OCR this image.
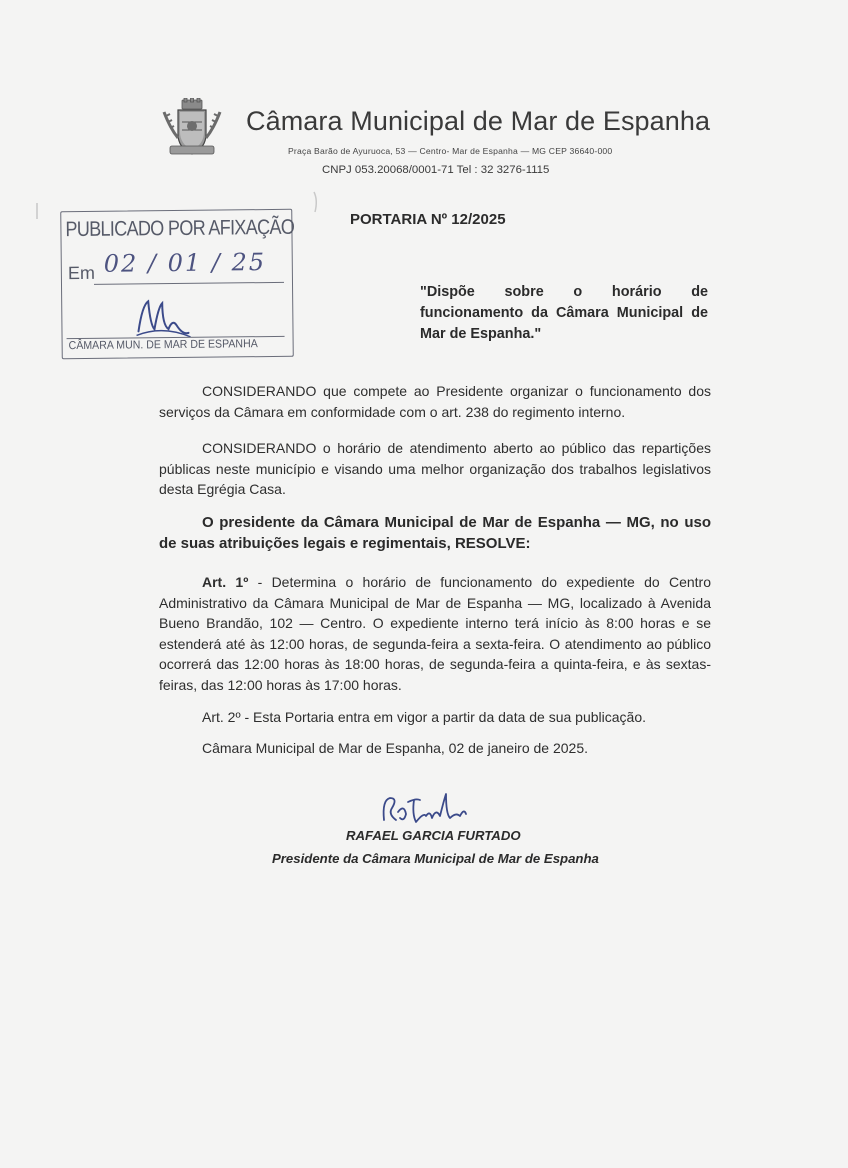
Câmara Municipal de Mar de Espanha
Praça Barão de Ayuruoca, 53 — Centro- Mar de Espanha — MG CEP 36640-000
CNPJ 053.20068/0001-71 Tel : 32 3276-1115
PUBLICADO POR AFIXAÇÃO
Em 02 / 01 / 25
CÂMARA MUN. DE MAR DE ESPANHA
PORTARIA Nº 12/2025
"Dispõe sobre o horário de funcionamento da Câmara Municipal de Mar de Espanha."
CONSIDERANDO que compete ao Presidente organizar o funcionamento dos serviços da Câmara em conformidade com o art. 238 do regimento interno.
CONSIDERANDO o horário de atendimento aberto ao público das repartições públicas neste município e visando uma melhor organização dos trabalhos legislativos desta Egrégia Casa.
O presidente da Câmara Municipal de Mar de Espanha — MG, no uso de suas atribuições legais e regimentais, RESOLVE:
Art. 1º - Determina o horário de funcionamento do expediente do Centro Administrativo da Câmara Municipal de Mar de Espanha — MG, localizado à Avenida Bueno Brandão, 102 — Centro. O expediente interno terá início às 8:00 horas e se estenderá até às 12:00 horas, de segunda-feira a sexta-feira. O atendimento ao público ocorrerá das 12:00 horas às 18:00 horas, de segunda-feira a quinta-feira, e às sextas-feiras, das 12:00 horas às 17:00 horas.
Art. 2º - Esta Portaria entra em vigor a partir da data de sua publicação.
Câmara Municipal de Mar de Espanha, 02 de janeiro de 2025.
RAFAEL GARCIA FURTADO
Presidente da Câmara Municipal de Mar de Espanha
